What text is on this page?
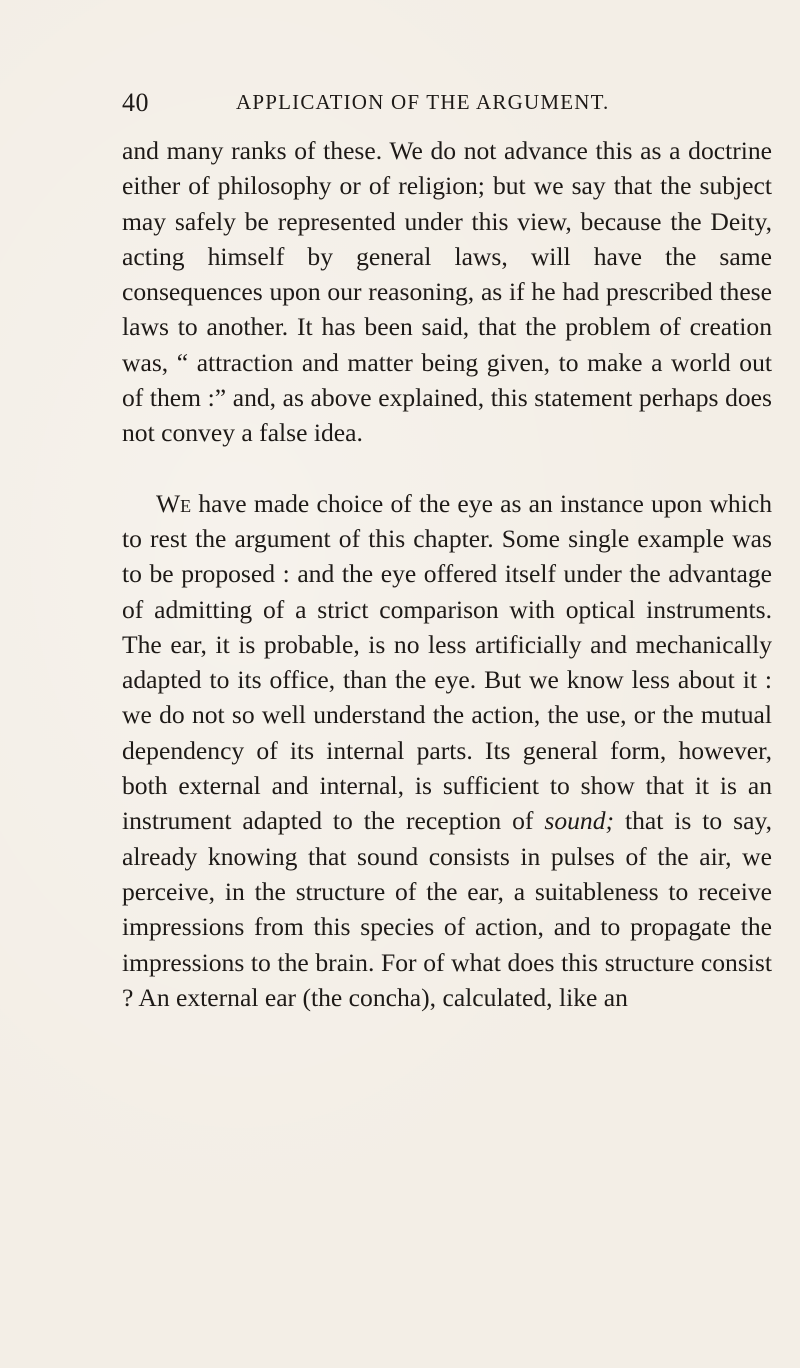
40	APPLICATION OF THE ARGUMENT.

and many ranks of these. We do not advance this as a doctrine either of philosophy or of religion; but we say that the subject may safely be represented under this view, because the Deity, acting himself by general laws, will have the same consequences upon our reasoning, as if he had prescribed these laws to another. It has been said, that the problem of creation was, “ attraction and matter being given, to make a world out of them :” and, as above explained, this statement perhaps does not convey a false idea.

We have made choice of the eye as an instance upon which to rest the argument of this chapter. Some single example was to be proposed : and the eye offered itself under the advantage of admitting of a strict comparison with optical instruments. The ear, it is probable, is no less artificially and mechanically adapted to its office, than the eye. But we know less about it : we do not so well understand the action, the use, or the mutual dependency of its internal parts. Its general form, however, both external and internal, is sufficient to show that it is an instrument adapted to the reception of sound; that is to say, already knowing that sound consists in pulses of the air, we perceive, in the structure of the ear, a suitableness to receive impressions from this species of action, and to propagate the impressions to the brain. For of what does this structure consist ? An external ear (the concha), calculated, like an
